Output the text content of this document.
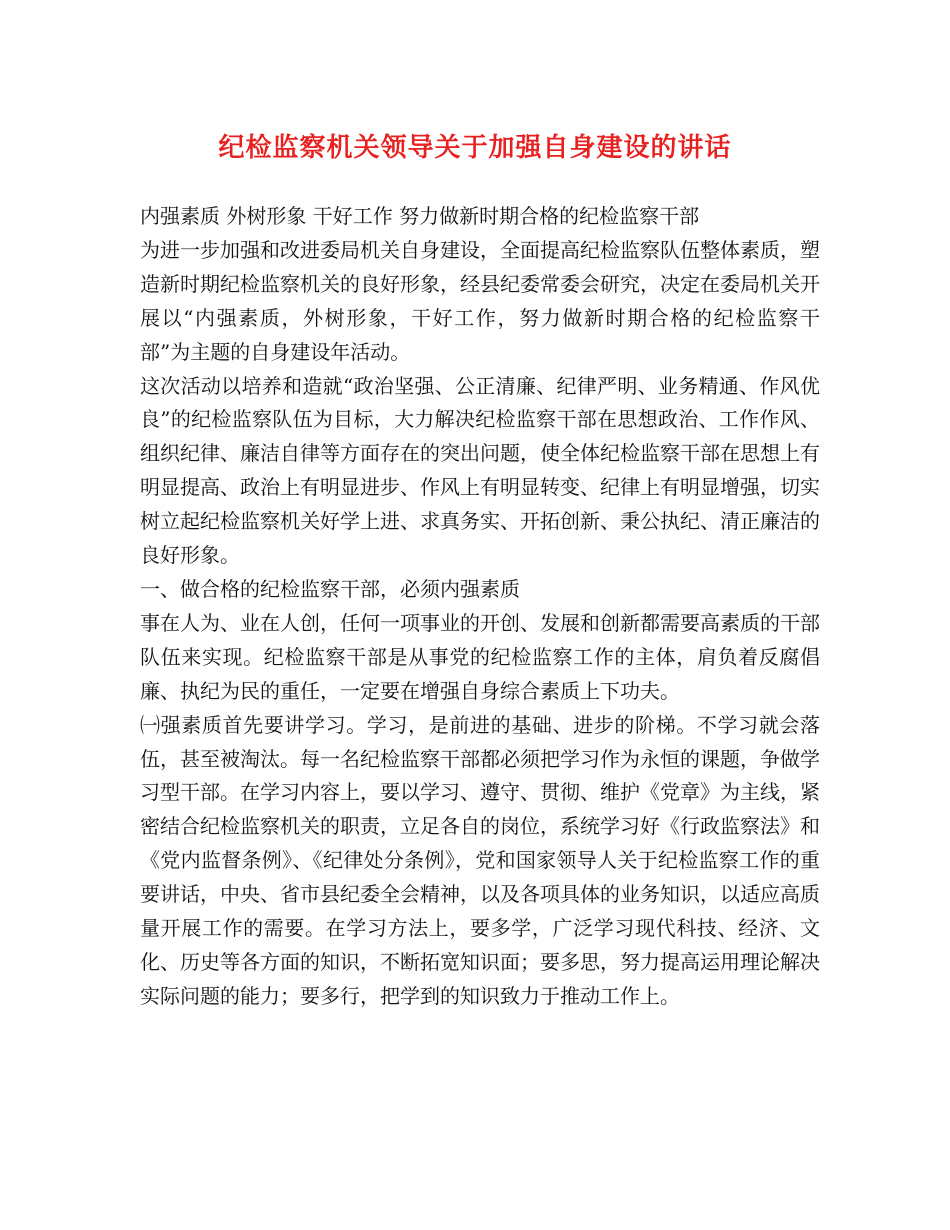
纪检监察机关领导关于加强自身建设的讲话

内强素质 外树形象 干好工作 努力做新时期合格的纪检监察干部

为进一步加强和改进委局机关自身建设，全面提高纪检监察队伍整体素质，塑造新时期纪检监察机关的良好形象，经县纪委常委会研究，决定在委局机关开展以“内强素质，外树形象，干好工作，努力做新时期合格的纪检监察干部”为主题的自身建设年活动。

这次活动以培养和造就“政治坚强、公正清廉、纪律严明、业务精通、作风优良”的纪检监察队伍为目标，大力解决纪检监察干部在思想政治、工作作风、组织纪律、廉洁自律等方面存在的突出问题，使全体纪检监察干部在思想上有明显提高、政治上有明显进步、作风上有明显转变、纪律上有明显增强，切实树立起纪检监察机关好学上进、求真务实、开拓创新、秉公执纪、清正廉洁的良好形象。

一、做合格的纪检监察干部，必须内强素质

事在人为、业在人创，任何一项事业的开创、发展和创新都需要高素质的干部队伍来实现。纪检监察干部是从事党的纪检监察工作的主体，肩负着反腐倡廉、执纪为民的重任，一定要在增强自身综合素质上下功夫。

㈠强素质首先要讲学习。学习，是前进的基础、进步的阶梯。不学习就会落伍，甚至被淘汰。每一名纪检监察干部都必须把学习作为永恒的课题，争做学习型干部。在学习内容上，要以学习、遵守、贯彻、维护《党章》为主线，紧密结合纪检监察机关的职责，立足各自的岗位，系统学习好《行政监察法》和《党内监督条例》、《纪律处分条例》，党和国家领导人关于纪检监察工作的重要讲话，中央、省市县纪委全会精神，以及各项具体的业务知识，以适应高质量开展工作的需要。在学习方法上，要多学，广泛学习现代科技、经济、文化、历史等各方面的知识，不断拓宽知识面；要多思，努力提高运用理论解决实际问题的能力；要多行，把学到的知识致力于推动工作上。
